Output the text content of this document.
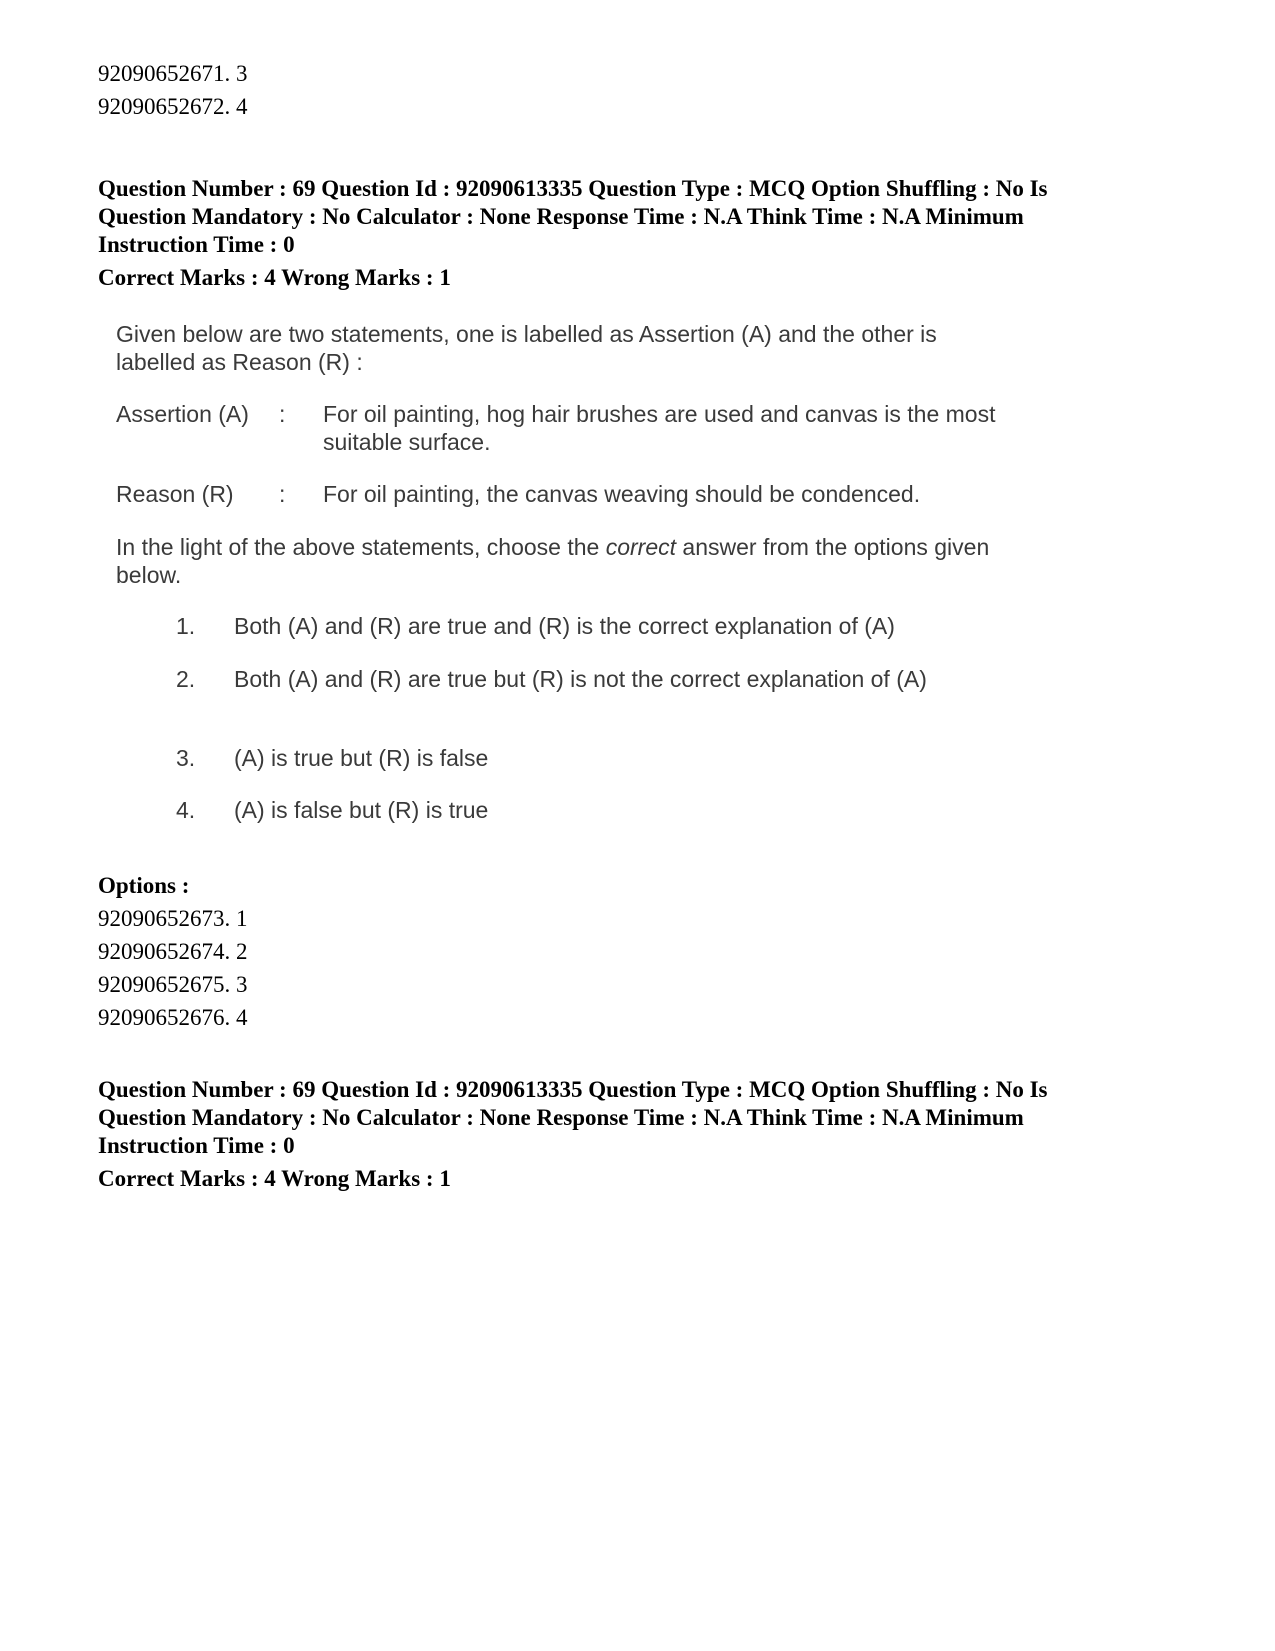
92090652671. 3
92090652672. 4

Question Number : 69 Question Id : 92090613335 Question Type : MCQ Option Shuffling : No Is

Question Mandatory : No Calculator : None Response Time : N.A Think Time : N.A Minimum

Instruction Time : 0

Correct Marks : 4 Wrong Marks : 1

Given below are two statements, one is labelled as Assertion (A) and the other is labelled as Reason (R) :

Assertion (A)	: For oil painting, hog hair brushes are used and canvas is the most suitable surface.
Reason (R)	: For oil painting, the canvas weaving should be condenced.

In the light of the above statements, choose the correct answer from the options given below.

1. Both (A) and (R) are true and (R) is the correct explanation of (A)
2. Both (A) and (R) are true but (R) is not the correct explanation of (A)
3. (A) is true but (R) is false
4. (A) is false but (R) is true
Options :
92090652673. 1
92090652674. 2
92090652675. 3
92090652676. 4

Question Number : 69 Question Id : 92090613335 Question Type : MCQ Option Shuffling : No Is

Question Mandatory : No Calculator : None Response Time : N.A Think Time : N.A Minimum

Instruction Time : 0

Correct Marks : 4 Wrong Marks : 1
